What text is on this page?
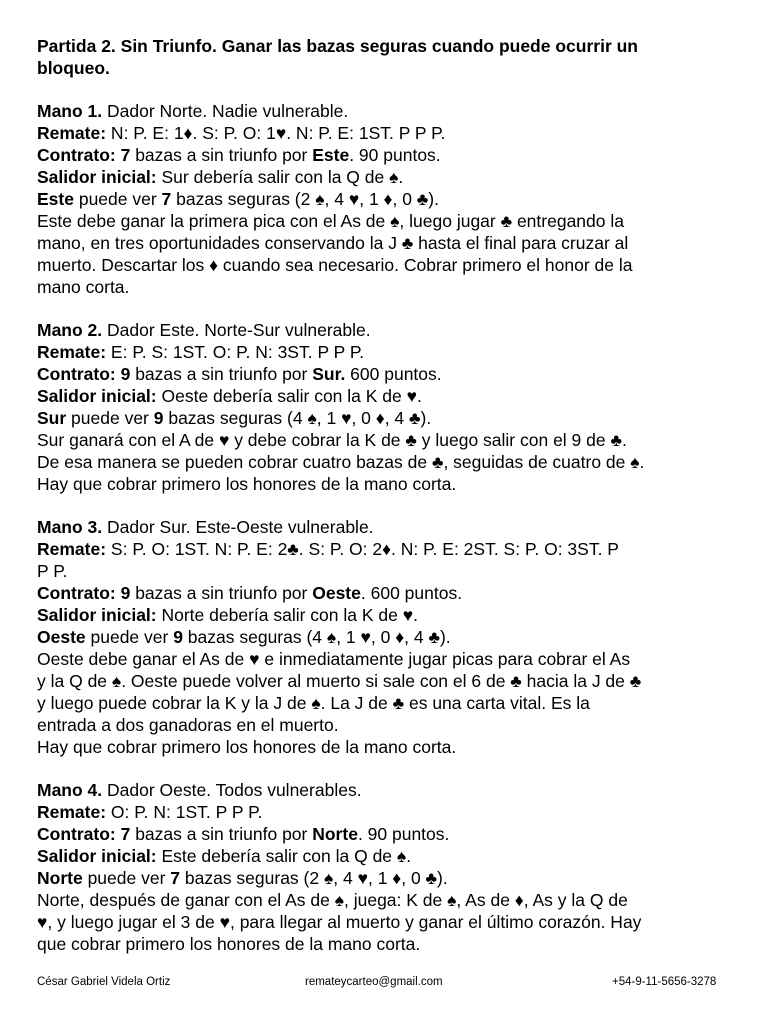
Partida 2. Sin Triunfo. Ganar las bazas seguras cuando puede ocurrir un
bloqueo.
Mano 1. Dador Norte. Nadie vulnerable.
Remate: N: P. E: 1♦. S: P. O: 1♥. N: P. E: 1ST. P P P.
Contrato: 7 bazas a sin triunfo por Este. 90 puntos.
Salidor inicial: Sur debería salir con la Q de ♠.
Este puede ver 7 bazas seguras (2 ♠, 4 ♥, 1 ♦, 0 ♣).
Este debe ganar la primera pica con el As de ♠, luego jugar ♣ entregando la
mano, en tres oportunidades conservando la J ♣ hasta el final para cruzar al
muerto. Descartar los ♦ cuando sea necesario. Cobrar primero el honor de la
mano corta.
Mano 2. Dador Este. Norte-Sur vulnerable.
Remate: E: P. S: 1ST. O: P. N: 3ST. P P P.
Contrato: 9 bazas a sin triunfo por Sur. 600 puntos.
Salidor inicial: Oeste debería salir con la K de ♥.
Sur puede ver 9 bazas seguras (4 ♠, 1 ♥, 0 ♦, 4 ♣).
Sur ganará con el A de ♥ y debe cobrar la K de ♣ y luego salir con el 9 de ♣.
De esa manera se pueden cobrar cuatro bazas de ♣, seguidas de cuatro de ♠.
Hay que cobrar primero los honores de la mano corta.
Mano 3. Dador Sur. Este-Oeste vulnerable.
Remate: S: P. O: 1ST. N: P. E: 2♣. S: P. O: 2♦. N: P. E: 2ST. S: P. O: 3ST. P
P P.
Contrato: 9 bazas a sin triunfo por Oeste. 600 puntos.
Salidor inicial: Norte debería salir con la K de ♥.
Oeste puede ver 9 bazas seguras (4 ♠, 1 ♥, 0 ♦, 4 ♣).
Oeste debe ganar el As de ♥ e inmediatamente jugar picas para cobrar el As
y la Q de ♠. Oeste puede volver al muerto si sale con el 6 de ♣ hacia la J de ♣
y luego puede cobrar la K y la J de ♠. La J de ♣ es una carta vital. Es la
entrada a dos ganadoras en el muerto.
Hay que cobrar primero los honores de la mano corta.
Mano 4. Dador Oeste. Todos vulnerables.
Remate: O: P. N: 1ST. P P P.
Contrato: 7 bazas a sin triunfo por Norte. 90 puntos.
Salidor inicial: Este debería salir con la Q de ♠.
Norte puede ver 7 bazas seguras (2 ♠, 4 ♥, 1 ♦, 0 ♣).
Norte, después de ganar con el As de ♠, juega: K de ♠, As de ♦, As y la Q de
♥, y luego jugar el 3 de ♥, para llegar al muerto y ganar el último corazón. Hay
que cobrar primero los honores de la mano corta.
César Gabriel Videla Ortiz	remateycarteo@gmail.com	+54-9-11-5656-3278
